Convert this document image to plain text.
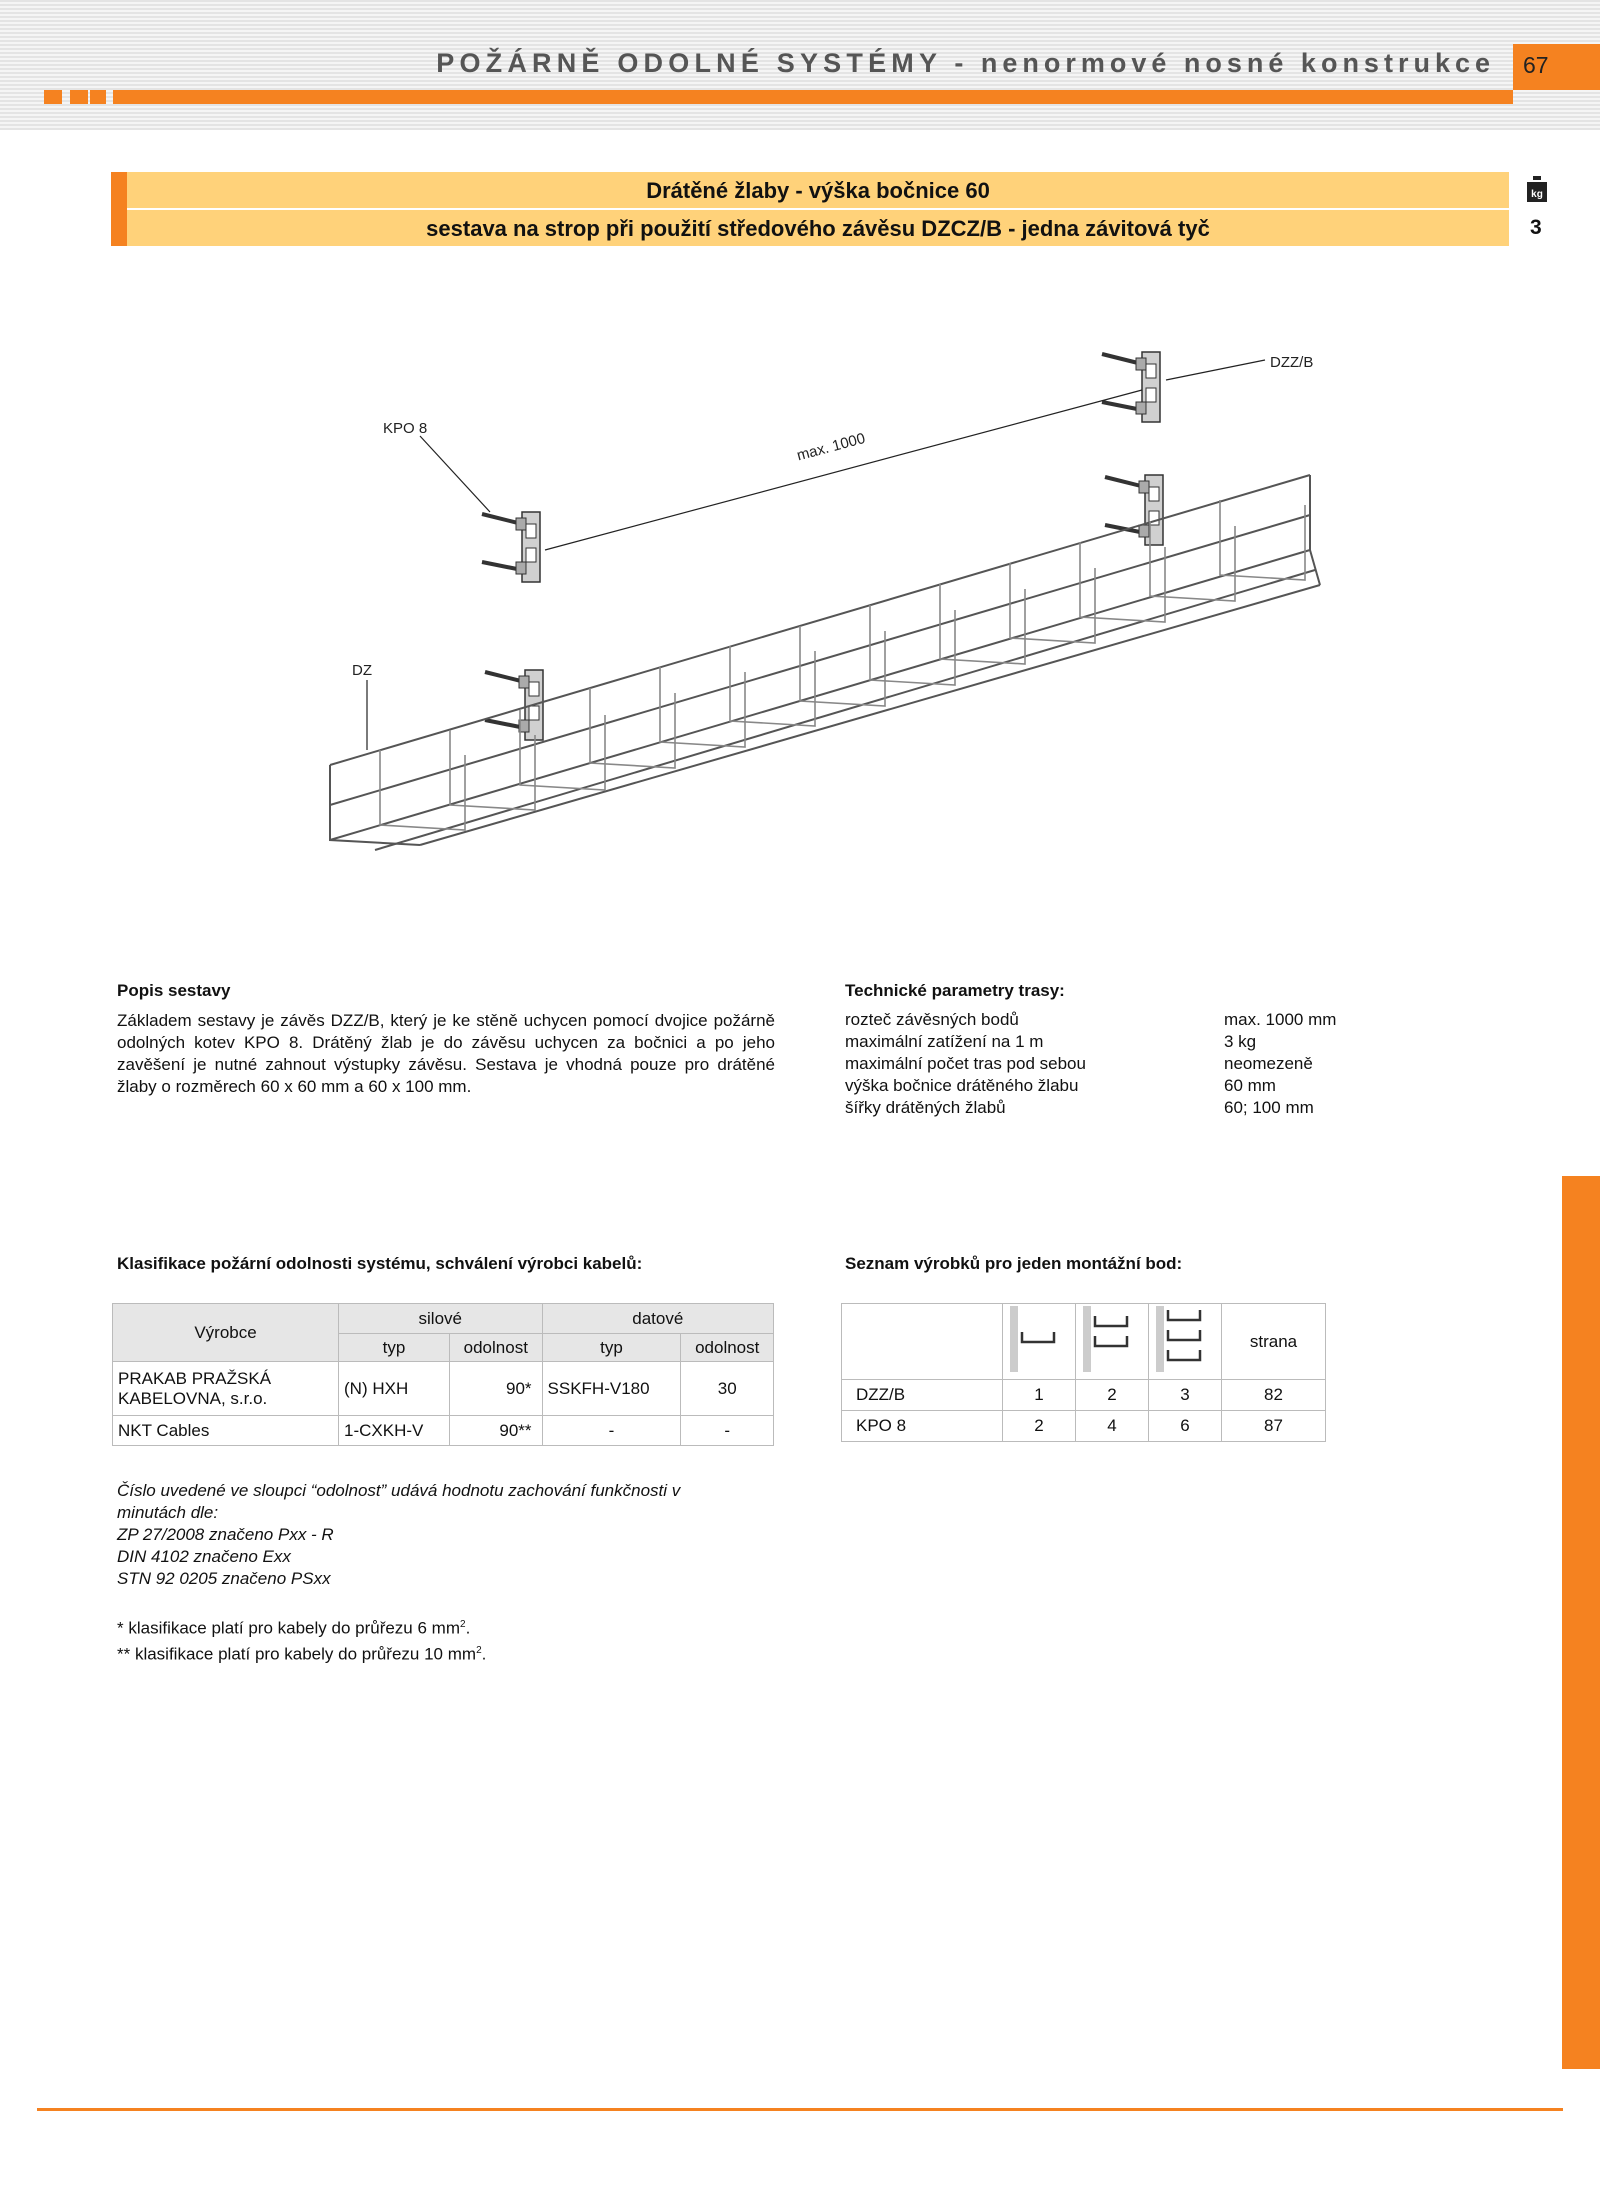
POŽÁRNĚ ODOLNÉ SYSTÉMY - nenormové nosné konstrukce	67
Drátěné žlaby - výška bočnice 60
sestava na strop při použití středového závěsu DZCZ/B - jedna závitová tyč
kg
3
KPO 8
DZZ/B
DZ
max. 1000
Popis sestavy
Základem sestavy je závěs DZZ/B, který je ke stěně uchycen pomocí dvojice požárně odolných kotev KPO 8. Drátěný žlab je do závěsu uchycen za bočnici a po jeho zavěšení je nutné zahnout výstupky závěsu. Sestava je vhodná pouze pro drátěné žlaby o rozměrech 60 x 60 mm a 60 x 100 mm.
Technické parametry trasy:
rozteč závěsných bodů	max. 1000 mm
maximální zatížení na 1 m	3 kg
maximální počet tras pod sebou	neomezeně
výška bočnice drátěného žlabu	60 mm
šířky drátěných žlabů	60; 100 mm
Klasifikace požární odolnosti systému, schválení výrobci kabelů:
Výrobce	silové		datové	
	typ	odolnost	typ	odolnost
PRAKAB PRAŽSKÁ KABELOVNA, s.r.o.	(N) HXH	90*	SSKFH-V180	30
NKT Cables	1-CXKH-V	90**	-	-
Seznam výrobků pro jeden montážní bod:
				strana
DZZ/B	1	2	3	82
KPO 8	2	4	6	87
Číslo uvedené ve sloupci “odolnost” udává hodnotu zachování funkčnosti v
minutách dle:
ZP 27/2008 značeno Pxx - R
DIN 4102 značeno Exx
STN 92 0205 značeno PSxx
* klasifikace platí pro kabely do průřezu 6 $mm^2$.
** klasifikace platí pro kabely do průřezu 10 $mm^2$.
